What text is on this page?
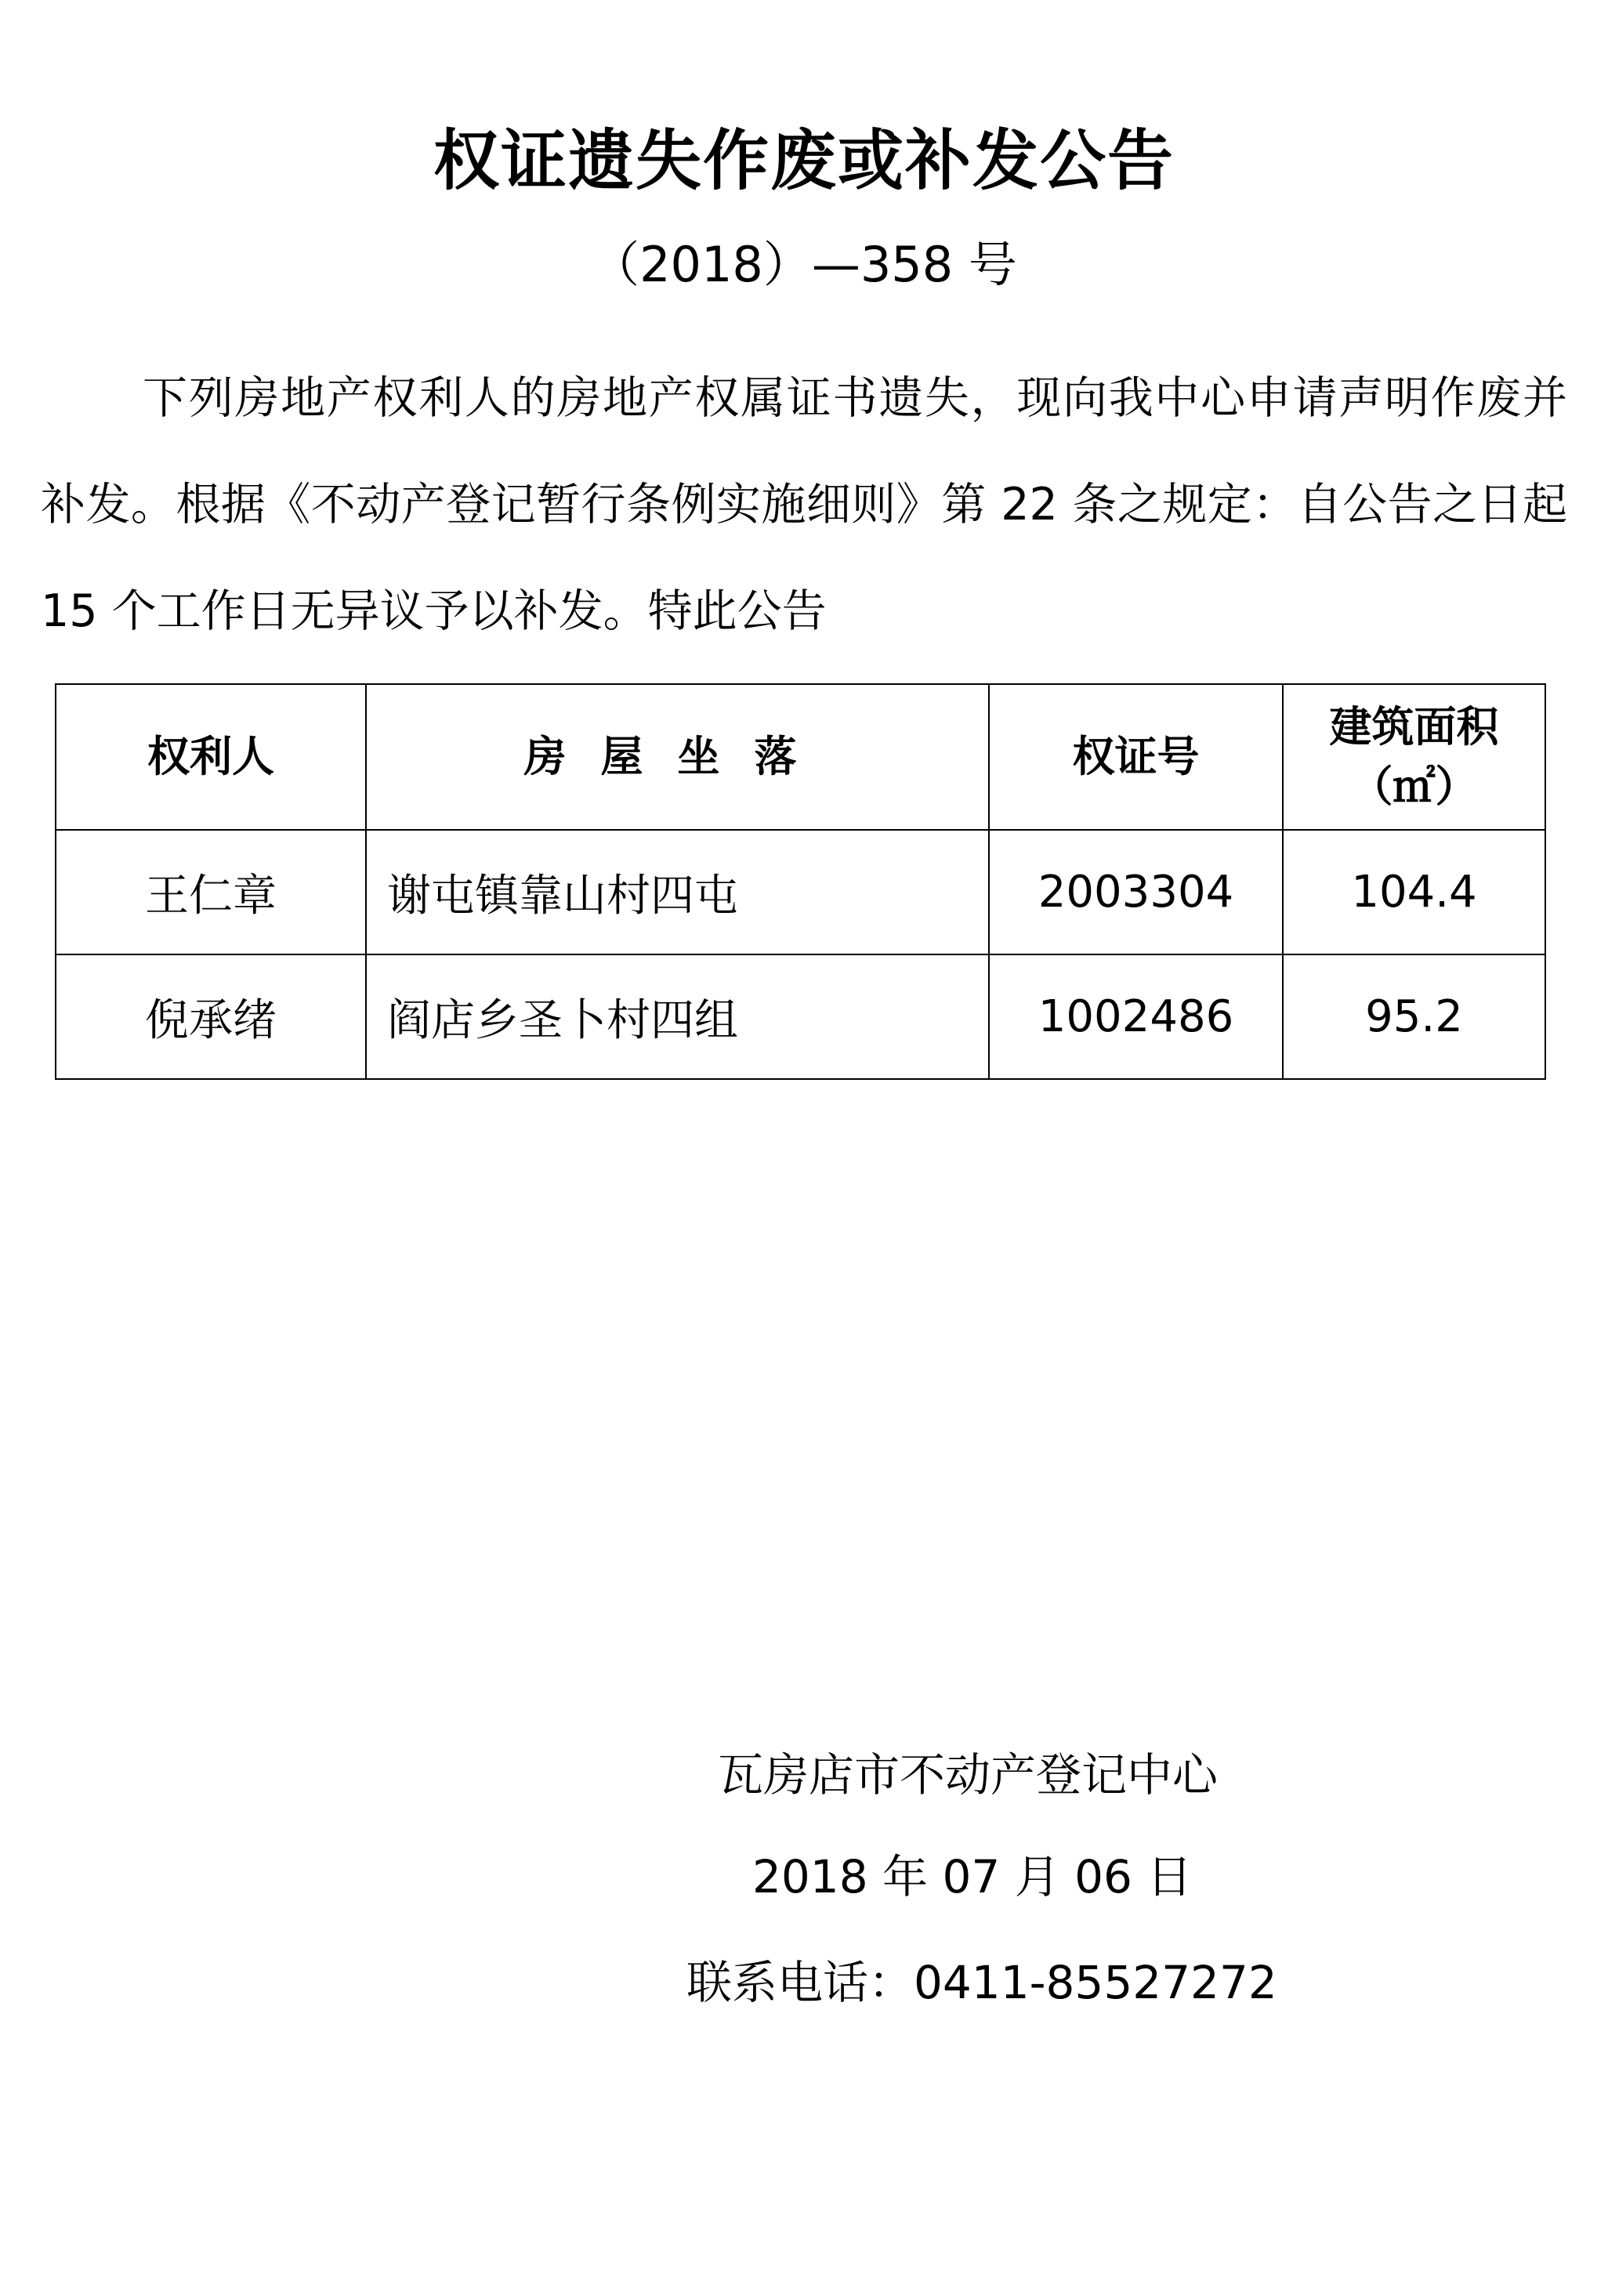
权证遗失作废或补发公告
（2018）—358 号

下列房地产权利人的房地产权属证书遗失，现向我中心申请声明作废并补发。根据《不动产登记暂行条例实施细则》第 22 条之规定：自公告之日起 15 个工作日无异议予以补发。特此公告

权利人	房屋坐落	权证号	建筑面积
（㎡）

王仁章	谢屯镇靠山村四屯	2003304	104.4
倪承绪	阎店乡圣卜村四组	1002486	95.2
瓦房店市不动产登记中心
2018 年 07 月 06 日
联系电话：0411-85527272
